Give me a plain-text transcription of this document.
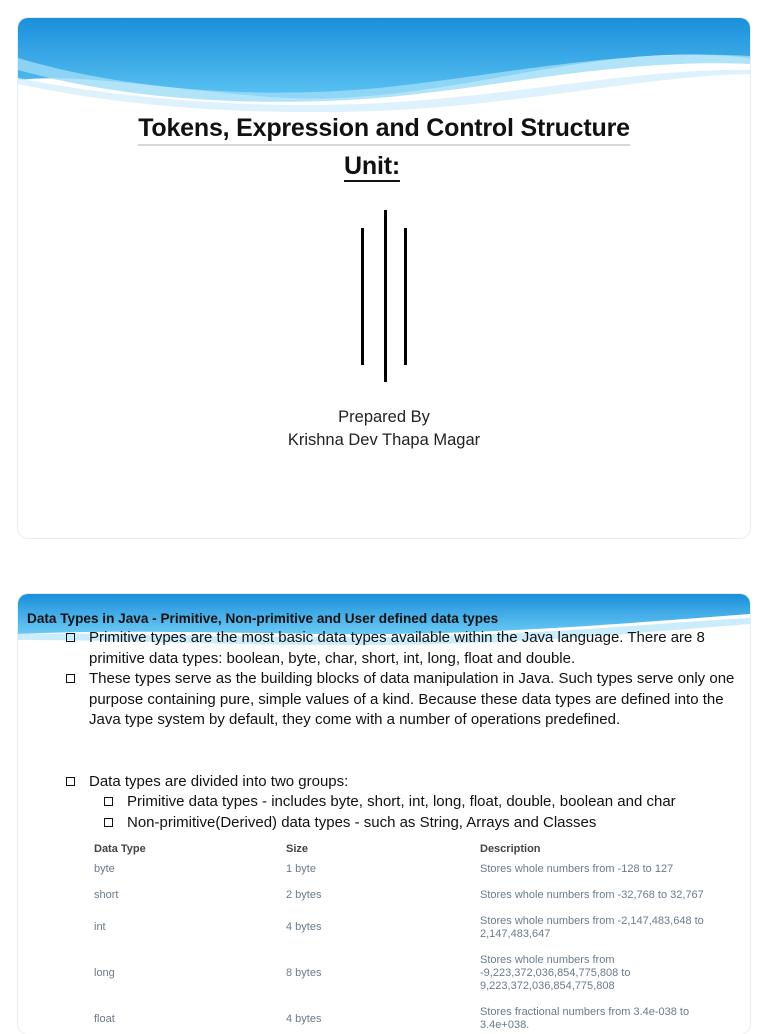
Tokens, Expression and Control Structure
Unit:
Prepared By
Krishna Dev Thapa Magar
Data Types in Java - Primitive, Non-primitive and User defined data types
Primitive types are the most basic data types available within the Java language. There are 8 primitive data types: boolean, byte, char, short, int, long, float and double.
These types serve as the building blocks of data manipulation in Java. Such types serve only one purpose containing pure, simple values of a kind. Because these data types are defined into the Java type system by default, they come with a number of operations predefined.
Data types are divided into two groups:
Primitive data types - includes byte, short, int, long, float, double, boolean and char
Non-primitive(Derived) data types - such as String, Arrays and Classes
Data Type	Size	Description
byte	1 byte	Stores whole numbers from -128 to 127
short	2 bytes	Stores whole numbers from -32,768 to 32,767
int	4 bytes	Stores whole numbers from -2,147,483,648 to 2,147,483,647
long	8 bytes	Stores whole numbers from -9,223,372,036,854,775,808 to 9,223,372,036,854,775,808
float	4 bytes	Stores fractional numbers from 3.4e-038 to 3.4e+038.
